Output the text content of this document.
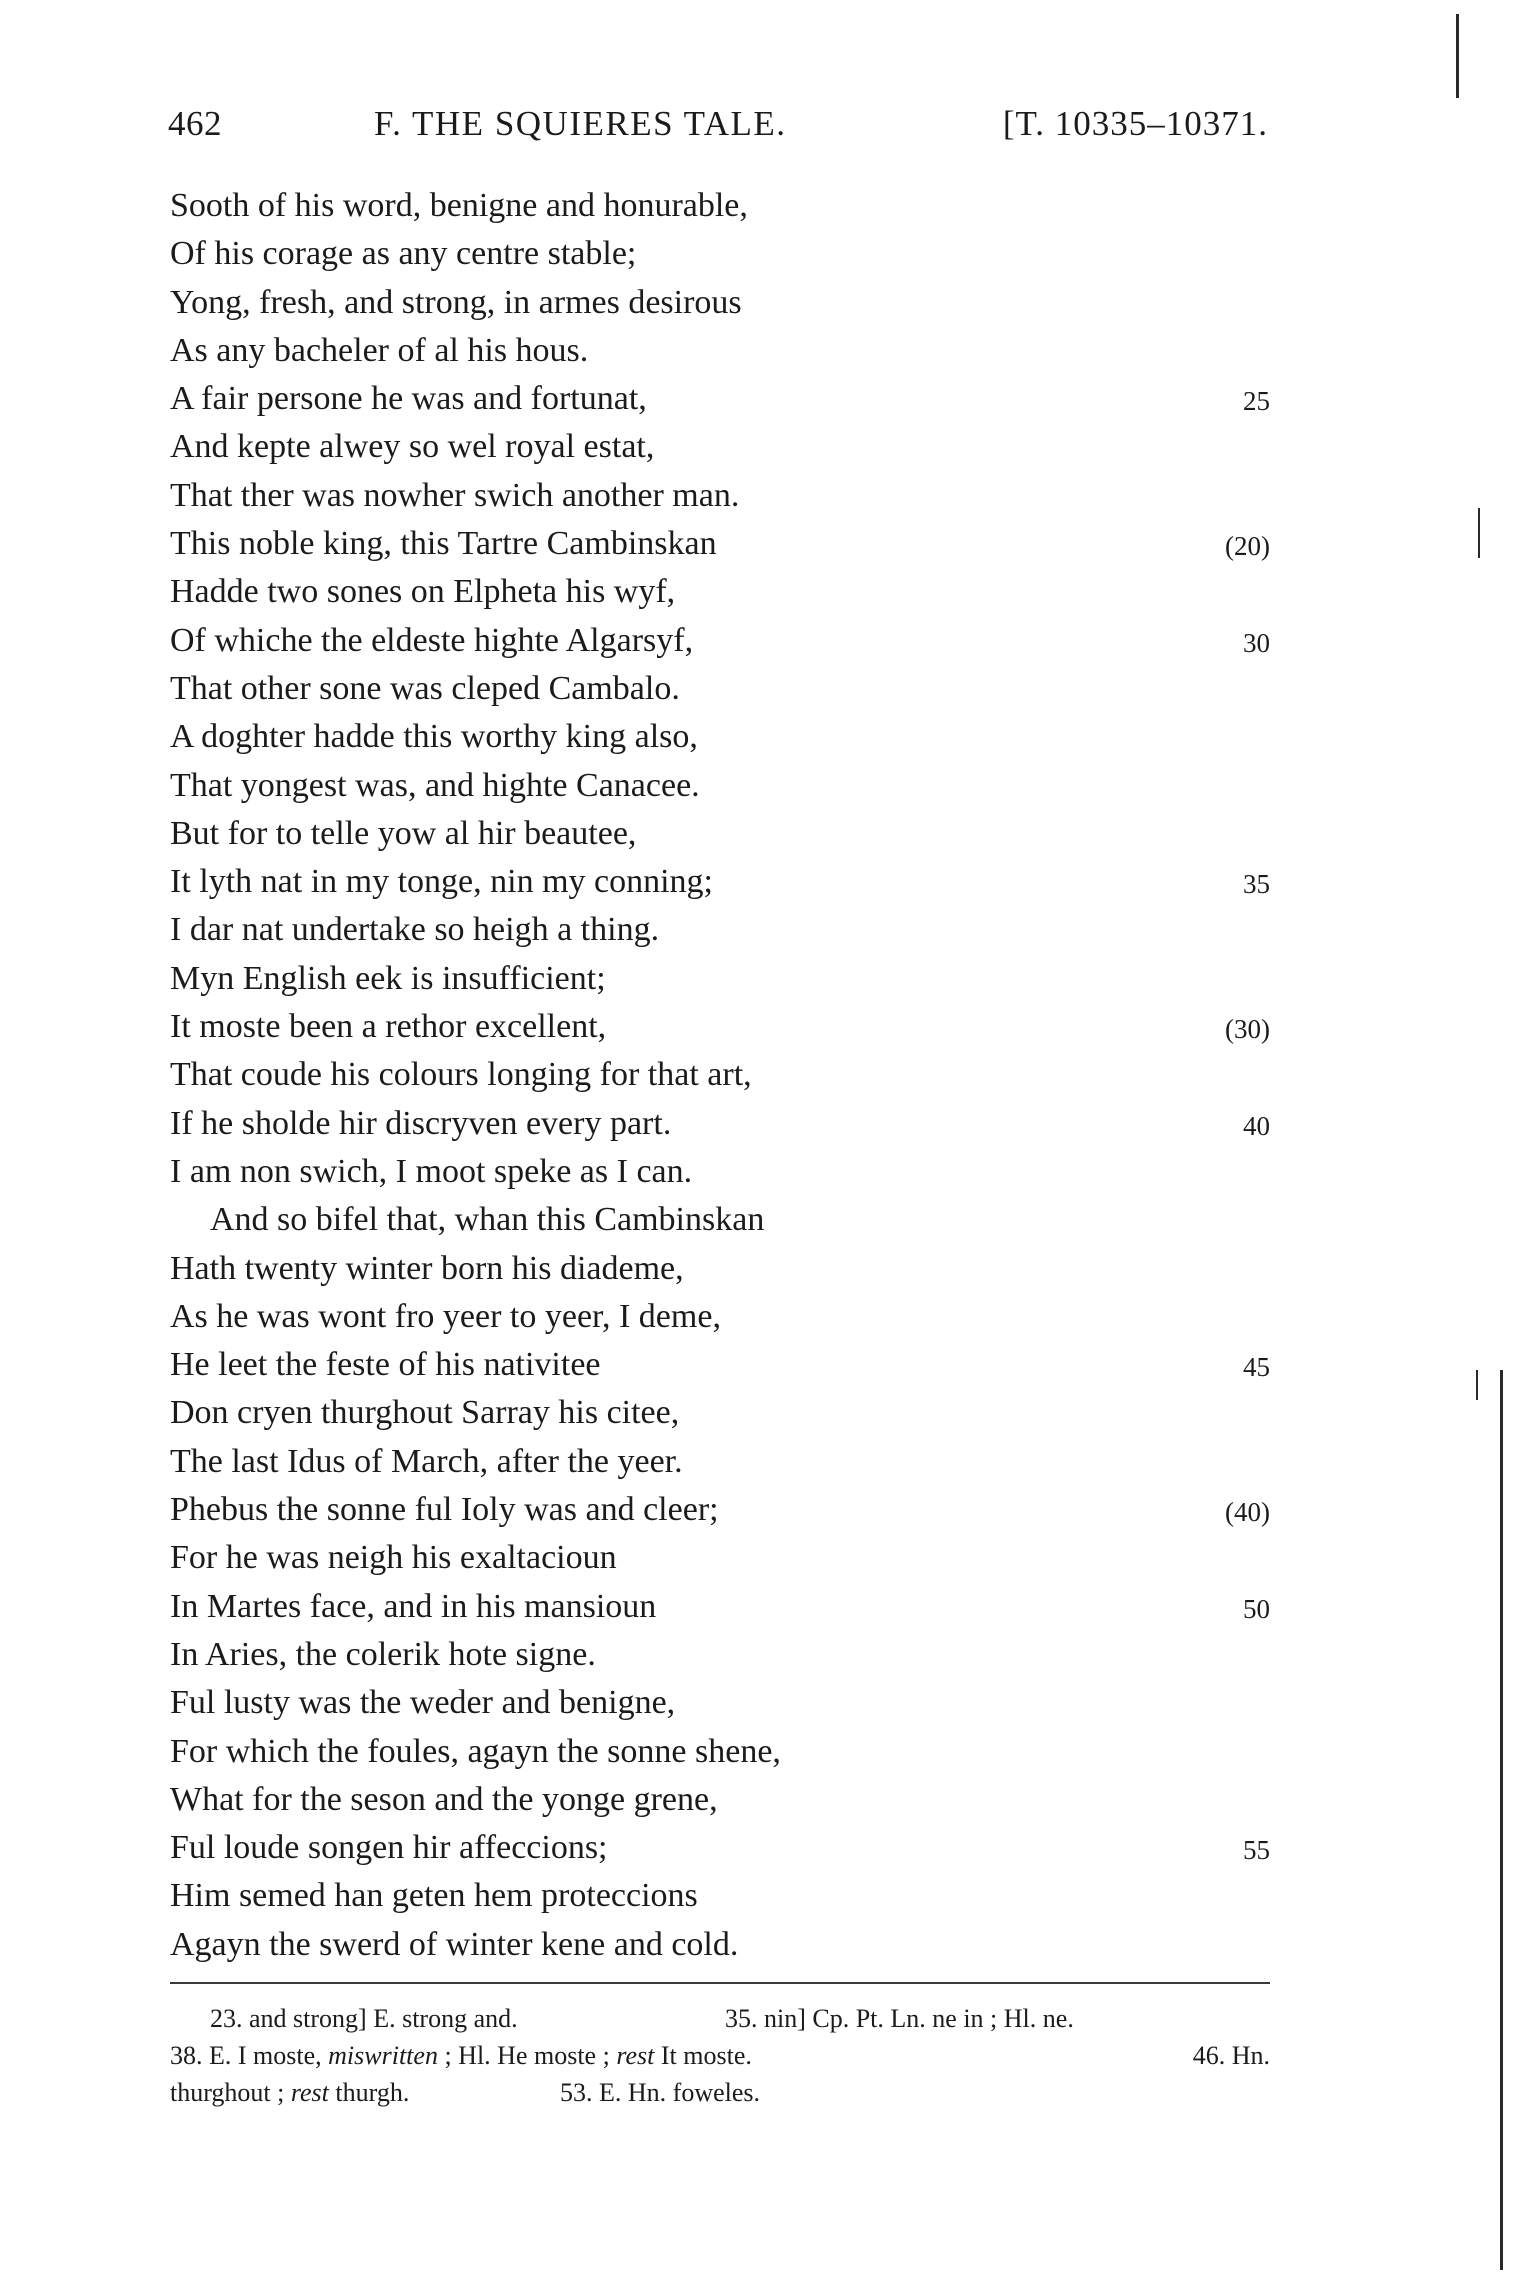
462	F. THE SQUIERES TALE.	[T. 10335–10371.
Sooth of his word, benigne and honurable,
Of his corage as any centre stable;
Yong, fresh, and strong, in armes desirous
As any bacheler of al his hous.
A fair persone he was and fortunat,	25
And kepte alwey so wel royal estat,
That ther was nowher swich another man.
This noble king, this Tartre Cambinskan	(20)
Hadde two sones on Elpheta his wyf,
Of whiche the eldeste highte Algarsyf,	30
That other sone was cleped Cambalo.
A doghter hadde this worthy king also,
That yongest was, and highte Canacee.
But for to telle yow al hir beautee,
It lyth nat in my tonge, nin my conning;	35
I dar nat undertake so heigh a thing.
Myn English eek is insufficient;
It moste been a rethor excellent,	(30)
That coude his colours longing for that art,
If he sholde hir discryven every part.	40
I am non swich, I moot speke as I can.
And so bifel that, whan this Cambinskan
Hath twenty winter born his diademe,
As he was wont fro yeer to yeer, I deme,
He leet the feste of his nativitee	45
Don cryen thurghout Sarray his citee,
The last Idus of March, after the yeer.
Phebus the sonne ful Ioly was and cleer;	(40)
For he was neigh his exaltacioun
In Martes face, and in his mansioun	50
In Aries, the colerik hote signe.
Ful lusty was the weder and benigne,
For which the foules, agayn the sonne shene,
What for the seson and the yonge grene,
Ful loude songen hir affeccions;	55
Him semed han geten hem proteccions
Agayn the swerd of winter kene and cold.
23. and strong] E. strong and.	35. nin] Cp. Pt. Ln. ne in ; Hl. ne.
38. E. I moste, miswritten ; Hl. He moste ; rest It moste.	46. Hn.
thurghout ; rest thurgh.	53. E. Hn. foweles.
